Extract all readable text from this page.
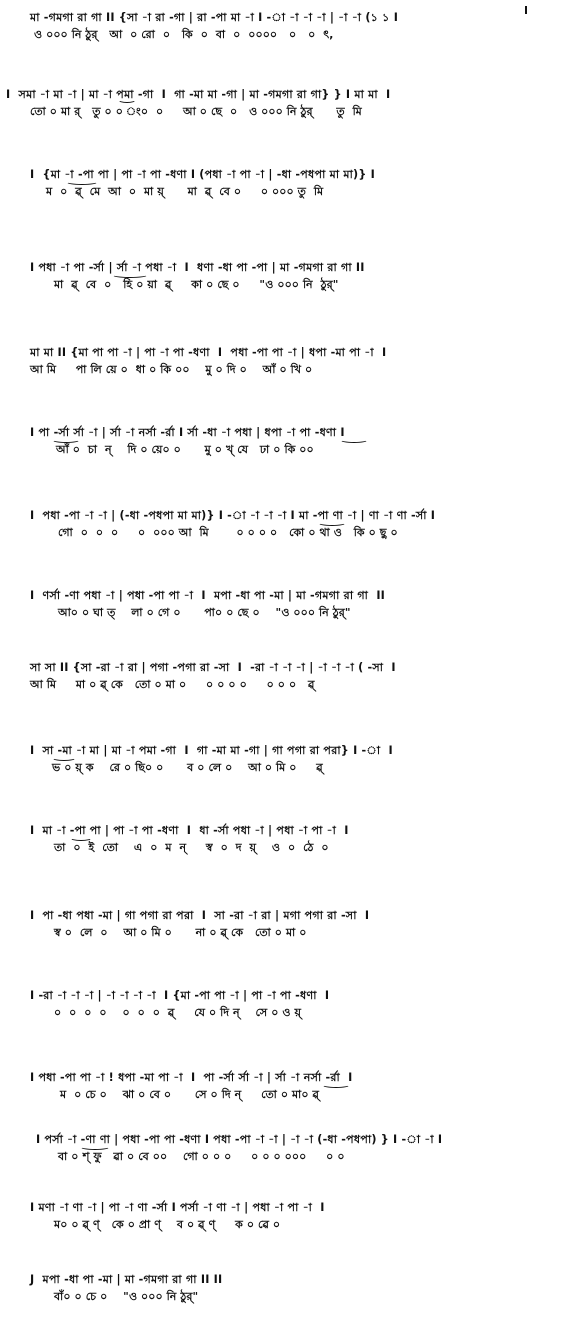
মা -গমগা রা গা II {সা -া রা -গা | রা -পা মা -া I -া -া -া -া | -া -া (১ ১ I
ও ০০০ নি ঠুর্   আ  ০ রো  ০   কি  ০  বা  ০  ০০০০   ০   ০  ৎ,
I  সমা -া মা -া | মা -া পমা -গা  I  গা -মা মা -গা | মা -গমগা রা গা} } I মা মা  I
তো ০ মা র্   তু ০ ০ ং০  ০     আ ০ ছে  ০   ও ০০০ নি ঠুর্      তু  মি
I  {মা -া -পা পা | পা -া পা -ধণা I (পধা -া পা -া | -ধা -পধপা মা মা)} I
ম  ০  ৱ্  মে  আ  ০  মা য়্      মা  ৱ্  বে ০     ০ ০০০ তু  মি
I পধা -া পা -র্সা | র্সা -া পধা -া  I  ধণা -ধা পা -পা | মা -গমগা রা গা II
মা  ৱ্  বে  ০   হি ০ য়া  ৱ্     কা ০ ছে ০     "ও ০০০ নি  ঠুর্"
মা মা II {মা পা পা -া | পা -া পা -ধণা  I  পধা -পা পা -া | ধপা -মা পা -া  I
আ মি     পা লি য়ে ০  ধা ০ কি ০০    মু ০ দি ০    আঁ ০ খি ০
I পা -র্সা র্সা -া | র্সা -া নর্সা -র্রা I র্সা -ধা -া পধা | ধপা -া পা -ধণা I
আঁ ০  চা  ন্    দি ০ য়ে০ ০      মু ০ খ্ যে   ঢা ০ কি ০০
I  পধা -পা -া -া | (-ধা -পধপা মা মা)} I -া -া -া -া I মা -পা ণা -া | ণা -া ণা -র্সা I
গো  ০  ০  ০     ০  ০০০ আ  মি       ০ ০ ০ ০   কো ০ থা ও   কি ০ ছু ০
I  ণর্সা -ণা পধা -া | পধা -পা পা -া  I  মপা -ধা পা -মা | মা -গমগা রা গা  II
আ০ ০ ঘা ত্    লা ০ গে ০      পা০ ০ ছে ০    "ও ০০০ নি ঠুর্"
সা সা II {সা -রা -া রা | পগা -পগা রা -সা  I  -রা -া -া -া | -া -া -া ( -সা  I
আ মি     মা ০ ৱ্ কে   তো ০ মা ০     ০ ০ ০ ০     ০ ০ ০   ৱ্
I  সা -মা -া মা | মা -া পমা -গা  I  গা -মা মা -গা | গা পগা রা পরা} I -া  I
ভ ০ য়্ ক    রে ০ ছি০ ০      ব ০ লে ০    আ ০ মি ০     ৱ্
I  মা -া -পা পা | পা -া পা -ধণা  I  ধা -র্সা পধা -া | পধা -া পা -া  I
তা  ০  ই  তো    এ  ০  ম  ন্     স্ব  ০  দ  য়্    ও  ০  ঠে  ০
I  পা -ধা পধা -মা | গা পগা রা পরা  I  সা -রা -া রা | মগা পগা রা -সা  I
স্ব ০  লে  ০    আ ০ মি ০      না ০ ৱ্ কে   তো ০ মা ০
I -রা -া -া -া | -া -া -া -া  I {মা -পা পা -া | পা -া পা -ধণা  I
০  ০  ০  ০    ০  ০  ০  ৱ্     যে ০ দি ন্    সে ০ ও য়্
I পধা -পা পা -া ! ধপা -মা পা -া  I  পা -র্সা র্সা -া | র্সা -া নর্সা -র্রা  I
ম  ০ চে ০    ঝা ০ বে ০      সে ০ দি ন্     তো ০ মা০ ৱ্
I পর্সা -া -ণা ণা | পধা -পা পা -ধণা I পধা -পা -া -া | -া -া (-ধা -পধপা) } I -া -া I
বা ০ শ্ ফু   ৱা ০ বে ০০    গো ০ ০ ০     ০ ০ ০ ০০০     ০ ০
I মণা -া ণা -া | পা -া ণা -র্সা I পর্সা -া ণা -া | পধা -া পা -া  I
ম০ ০ ৱ্ ণ্   কে ০ প্রা ণ্    ব ০ ৱ্ ণ্     ক ০ ৱে ০
J  মপা -ধা পা -মা | মা -গমগা রা গা II II
বাঁ০ ০ চে ০    "ও ০০০ নি ঠুর্"
